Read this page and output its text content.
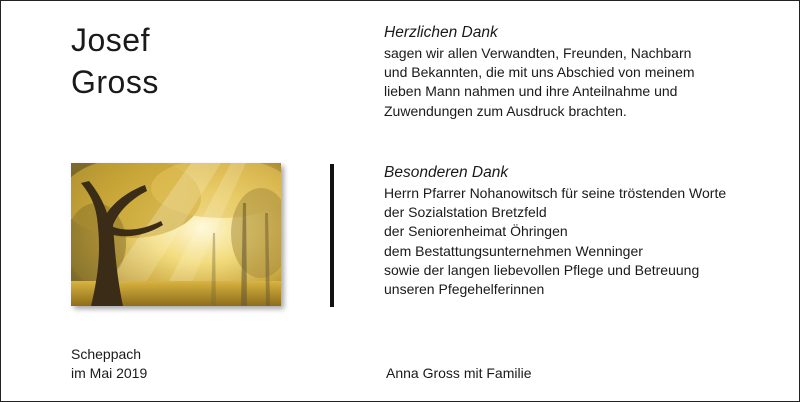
Josef
Gross
Herzlichen Dank
sagen wir allen Verwandten, Freunden, Nachbarn
und Bekannten, die mit uns Abschied von meinem
lieben Mann nahmen und ihre Anteilnahme und
Zuwendungen zum Ausdruck brachten.
Besonderen Dank
Herrn Pfarrer Nohanowitsch für seine tröstenden Worte
der Sozialstation Bretzfeld
der Seniorenheimat Öhringen
dem Bestattungsunternehmen Wenninger
sowie der langen liebevollen Pflege und Betreuung
unseren Pfegehelferinnen
Scheppach
im Mai 2019	Anna Gross mit Familie
